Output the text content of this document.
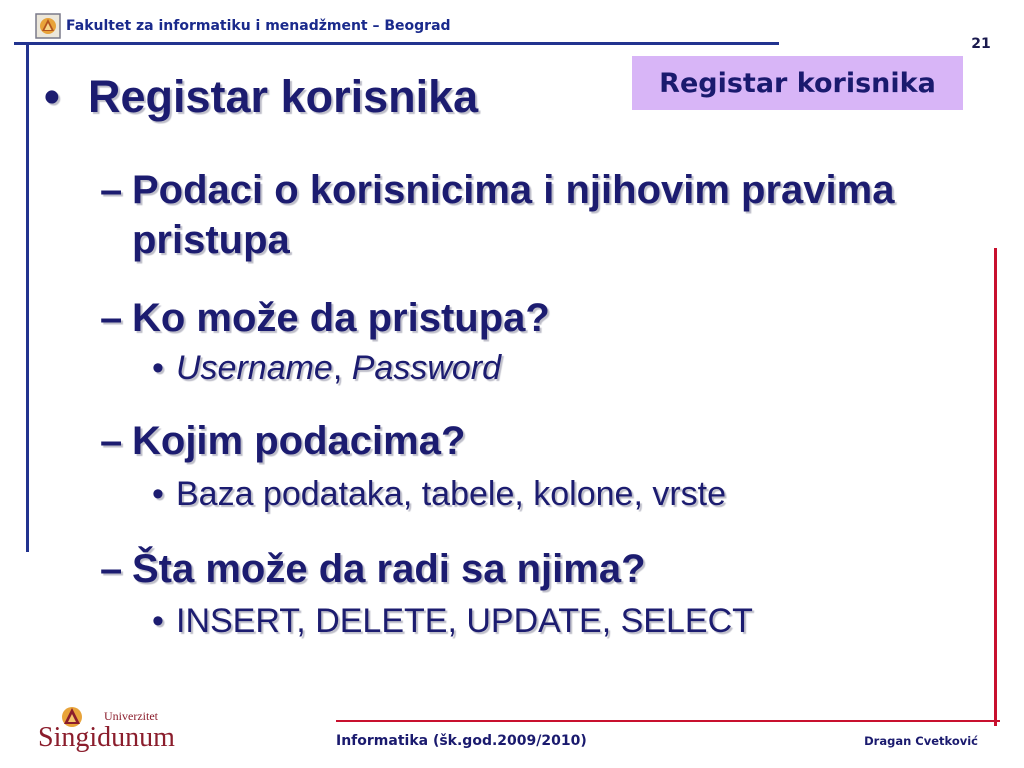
Fakultet za informatiku i menadžment – Beograd
21
Registar korisnika
• Registar korisnika
– Podaci o korisnicima i njihovim pravima
pristupa
– Ko može da pristupa?
• Username, Password
– Kojim podacima?
• Baza podataka, tabele, kolone, vrste
– Šta može da radi sa njima?
• INSERT, DELETE, UPDATE, SELECT
Univerzitet
Singidunum	Informatika (šk.god.2009/2010)	Dragan Cvetković
